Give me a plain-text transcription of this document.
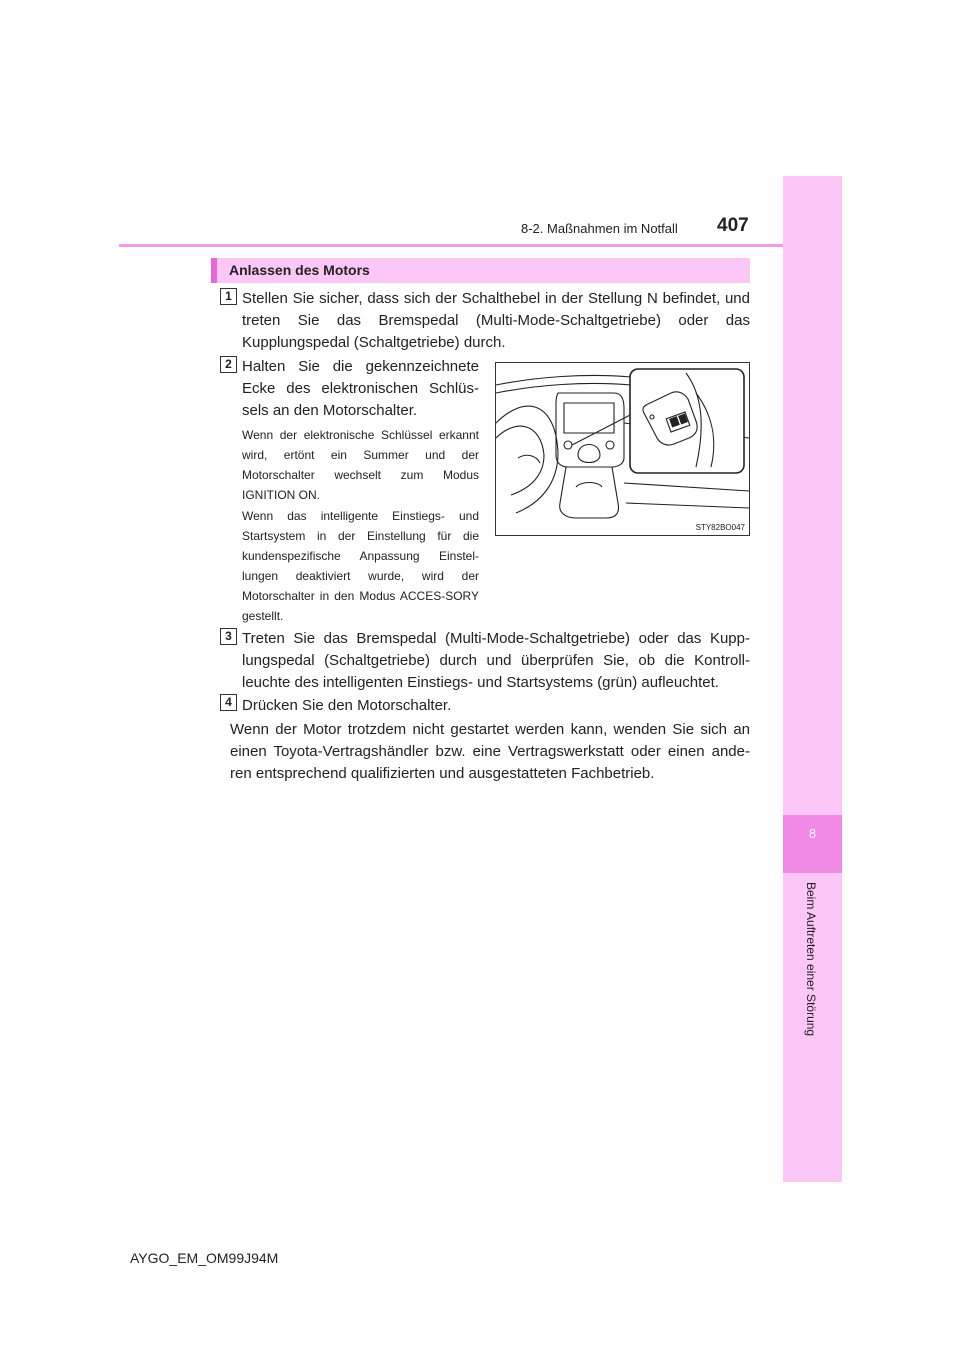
8
Beim Auftreten einer Störung
8-2. Maßnahmen im Notfall 407
Anlassen des Motors
1 Stellen Sie sicher, dass sich der Schalthebel in der Stellung N befindet, und treten Sie das Bremspedal (Multi-Mode-Schaltgetriebe) oder das Kupplungspedal (Schaltgetriebe) durch.

2 Halten Sie die gekennzeichnete Ecke des elektronischen Schlüs-sels an den Motorschalter.

Wenn der elektronische Schlüssel erkannt wird, ertönt ein Summer und der Motorschalter wechselt zum Modus IGNITION ON.

Wenn das intelligente Einstiegs- und Startsystem in der Einstellung für die kundenspezifische Anpassung Einstel-lungen deaktiviert wurde, wird der Motorschalter in den Modus ACCES-SORY gestellt.

STY82BO047
3 Treten Sie das Bremspedal (Multi-Mode-Schaltgetriebe) oder das Kupp-lungspedal (Schaltgetriebe) durch und überprüfen Sie, ob die Kontroll-leuchte des intelligenten Einstiegs- und Startsystems (grün) aufleuchtet.

4 Drücken Sie den Motorschalter.

Wenn der Motor trotzdem nicht gestartet werden kann, wenden Sie sich an einen Toyota-Vertragshändler bzw. eine Vertragswerkstatt oder einen ande-ren entsprechend qualifizierten und ausgestatteten Fachbetrieb.

AYGO_EM_OM99J94M
